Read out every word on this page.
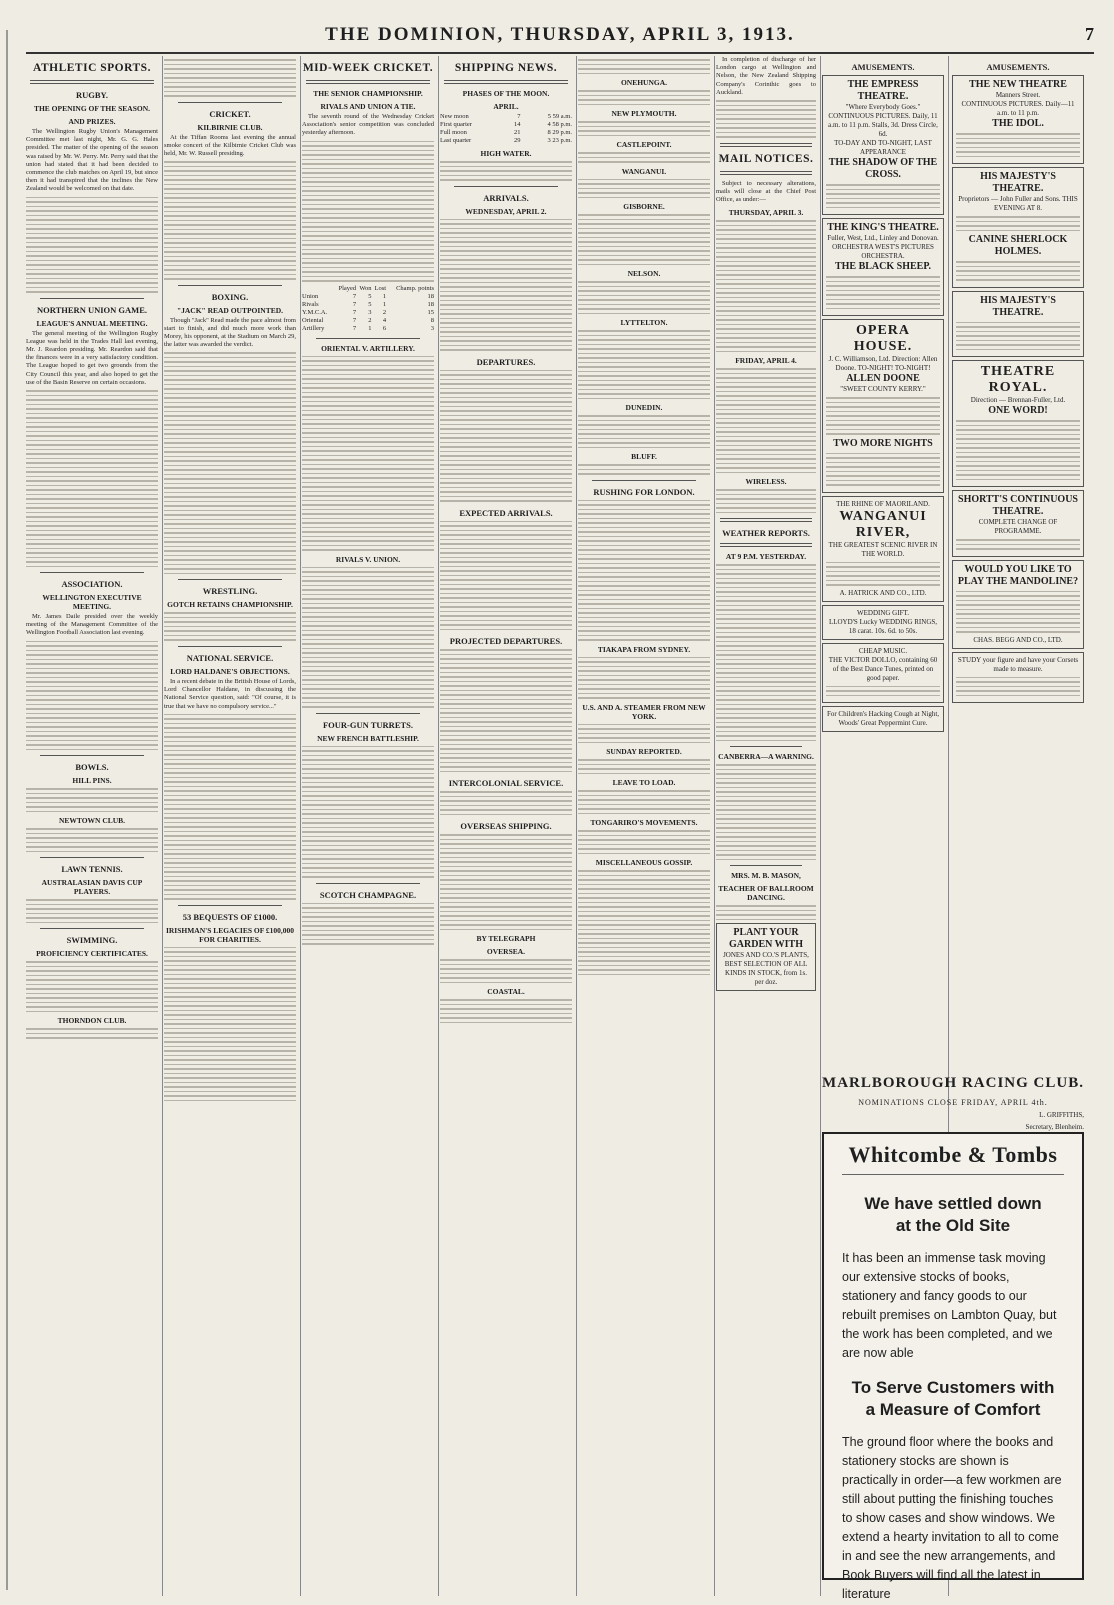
THE DOMINION, THURSDAY, APRIL 3, 1913.	7
ATHLETIC SPORTS.
RUGBY.
THE OPENING OF THE SEASON.
AND PRIZES.

The Wellington Rugby Union's Management Committee met last night, Mr. G. G. Hales presided. The matter of the opening of the season was raised by Mr. W. Perry. Mr. Perry said that the union had stated that it had been decided to commence the club matches on April 19, but since then it had transpired that the inclines the New Zealand would be welcomed on that date.

NORTHERN UNION GAME.
LEAGUE'S ANNUAL MEETING.

The general meeting of the Wellington Rugby League was held in the Trades Hall last evening, Mr. J. Reardon presiding. Mr. Reardon said that the finances were in a very satisfactory condition. The League hoped to get two grounds from the City Council this year, and also hoped to get the use of the Basin Reserve on certain occasions.

ASSOCIATION.
WELLINGTON EXECUTIVE MEETING.

Mr. James Daile presided over the weekly meeting of the Management Committee of the Wellington Football Association last evening.

BOWLS.
HILL PINS.
NEWTOWN CLUB.
LAWN TENNIS.
AUSTRALASIAN DAVIS CUP PLAYERS.
SWIMMING.
PROFICIENCY CERTIFICATES.
THORNDON CLUB.
CRICKET.
KILBIRNIE CLUB.

At the Tiffan Rooms last evening the annual smoke concert of the Kilbirnie Cricket Club was held, Mr. W. Russell presiding.

BOXING.
"JACK" READ OUTPOINTED.

Though "Jack" Read made the pace almost from start to finish, and did much more work than Morey, his opponent, at the Stadium on March 29, the latter was awarded the verdict.

WRESTLING.
GOTCH RETAINS CHAMPIONSHIP.
NATIONAL SERVICE.
LORD HALDANE'S OBJECTIONS.

In a recent debate in the British House of Lords, Lord Chancellor Haldane, in discussing the National Service question, said: "Of course, it is true that we have no compulsory service..."

53 BEQUESTS OF £1000.
IRISHMAN'S LEGACIES OF £100,000 FOR CHARITIES.
MID-WEEK CRICKET.
THE SENIOR CHAMPIONSHIP.
RIVALS AND UNION A TIE.

The seventh round of the Wednesday Cricket Association's senior competition was concluded yesterday afternoon.

	Played	Won	Lost	Champ. points
Union	7	5	1	18
Rivals	7	5	1	18
Y.M.C.A.	7	3	2	15
Oriental	7	2	4	8
Artillery	7	1	6	3
ORIENTAL V. ARTILLERY.
RIVALS V. UNION.
FOUR-GUN TURRETS.
NEW FRENCH BATTLESHIP.
SCOTCH CHAMPAGNE.
SHIPPING NEWS.
PHASES OF THE MOON.
APRIL.
New moon	7	5 59 a.m.
First quarter	14	4 58 p.m.
Full moon	21	8 29 p.m.
Last quarter	29	3 23 p.m.
HIGH WATER.
ARRIVALS.
WEDNESDAY, APRIL 2.
DEPARTURES.
EXPECTED ARRIVALS.
PROJECTED DEPARTURES.
INTERCOLONIAL SERVICE.
OVERSEAS SHIPPING.
BY TELEGRAPH
OVERSEA.
COASTAL.
ONEHUNGA.
NEW PLYMOUTH.
CASTLEPOINT.
WANGANUI.
GISBORNE.
NELSON.
LYTTELTON.
DUNEDIN.
BLUFF.
RUSHING FOR LONDON.
TIAKAPA FROM SYDNEY.
U.S. AND A. STEAMER FROM NEW YORK.
SUNDAY REPORTED.
LEAVE TO LOAD.
TONGARIRO'S MOVEMENTS.
MISCELLANEOUS GOSSIP.

In completion of discharge of her London cargo at Wellington and Nelson, the New Zealand Shipping Company's Corinthic goes to Auckland.

MAIL NOTICES.

Subject to necessary alterations, mails will close at the Chief Post Office, as under:—

THURSDAY, APRIL 3.
FRIDAY, APRIL 4.
WIRELESS.
WEATHER REPORTS.
AT 9 P.M. YESTERDAY.
CANBERRA—A WARNING.
MRS. M. B. MASON,
TEACHER OF BALLROOM DANCING.
PLANT YOUR GARDEN WITH
JONES AND CO.'S PLANTS,
BEST SELECTION OF ALL KINDS IN STOCK, from 1s. per doz.
AMUSEMENTS.
THE EMPRESS THEATRE.
"Where Everybody Goes." CONTINUOUS PICTURES. Daily, 11 a.m. to 11 p.m. Stalls, 3d. Dress Circle, 6d.
TO-DAY AND TO-NIGHT, LAST APPEARANCE
THE SHADOW OF THE CROSS.
THE KING'S THEATRE.
Fuller, West, Ltd., Linley and Donovan. ORCHESTRA WEST'S PICTURES ORCHESTRA.
THE BLACK SHEEP.
OPERA HOUSE.
J. C. Williamson, Ltd. Direction: Allen Doone. TO-NIGHT! TO-NIGHT!
ALLEN DOONE
"SWEET COUNTY KERRY."
TWO MORE NIGHTS
THE RHINE OF MAORILAND.
WANGANUI RIVER,
THE GREATEST SCENIC RIVER IN THE WORLD.
A. HATRICK AND CO., LTD.
WEDDING GIFT.
LLOYD'S Lucky WEDDING RINGS, 18 carat. 10s. 6d. to 50s.
CHEAP MUSIC.
THE VICTOR DOLLO, containing 60 of the Best Dance Tunes, printed on good paper.
For Children's Hacking Cough at Night, Woods' Great Peppermint Cure.
AMUSEMENTS.
THE NEW THEATRE
Manners Street.
CONTINUOUS PICTURES. Daily—11 a.m. to 11 p.m.
THE IDOL.
HIS MAJESTY'S THEATRE.
Proprietors — John Fuller and Sons. THIS EVENING AT 8.
CANINE SHERLOCK HOLMES.
HIS MAJESTY'S THEATRE.
THEATRE ROYAL.
Direction — Brennan-Fuller, Ltd.
ONE WORD!
SHORTT'S CONTINUOUS THEATRE.
COMPLETE CHANGE OF PROGRAMME.
WOULD YOU LIKE TO PLAY THE MANDOLINE?
CHAS. BEGG AND CO., LTD.
STUDY your figure and have your Corsets made to measure.
MARLBOROUGH RACING CLUB.
NOMINATIONS CLOSE FRIDAY, APRIL 4th.
L. GRIFFITHS,
Secretary, Blenheim.
Whitcombe & Tombs
We have settled down
at the Old Site
It has been an immense task moving our extensive stocks of books, stationery and fancy goods to our rebuilt premises on Lambton Quay, but the work has been completed, and we are now able
To Serve Customers with
a Measure of Comfort
The ground floor where the books and stationery stocks are shown is practically in order—a few workmen are still about putting the finishing touches to show cases and show windows. We extend a hearty invitation to all to come in and see the new arrangements, and Book Buyers will find all the latest in literature
